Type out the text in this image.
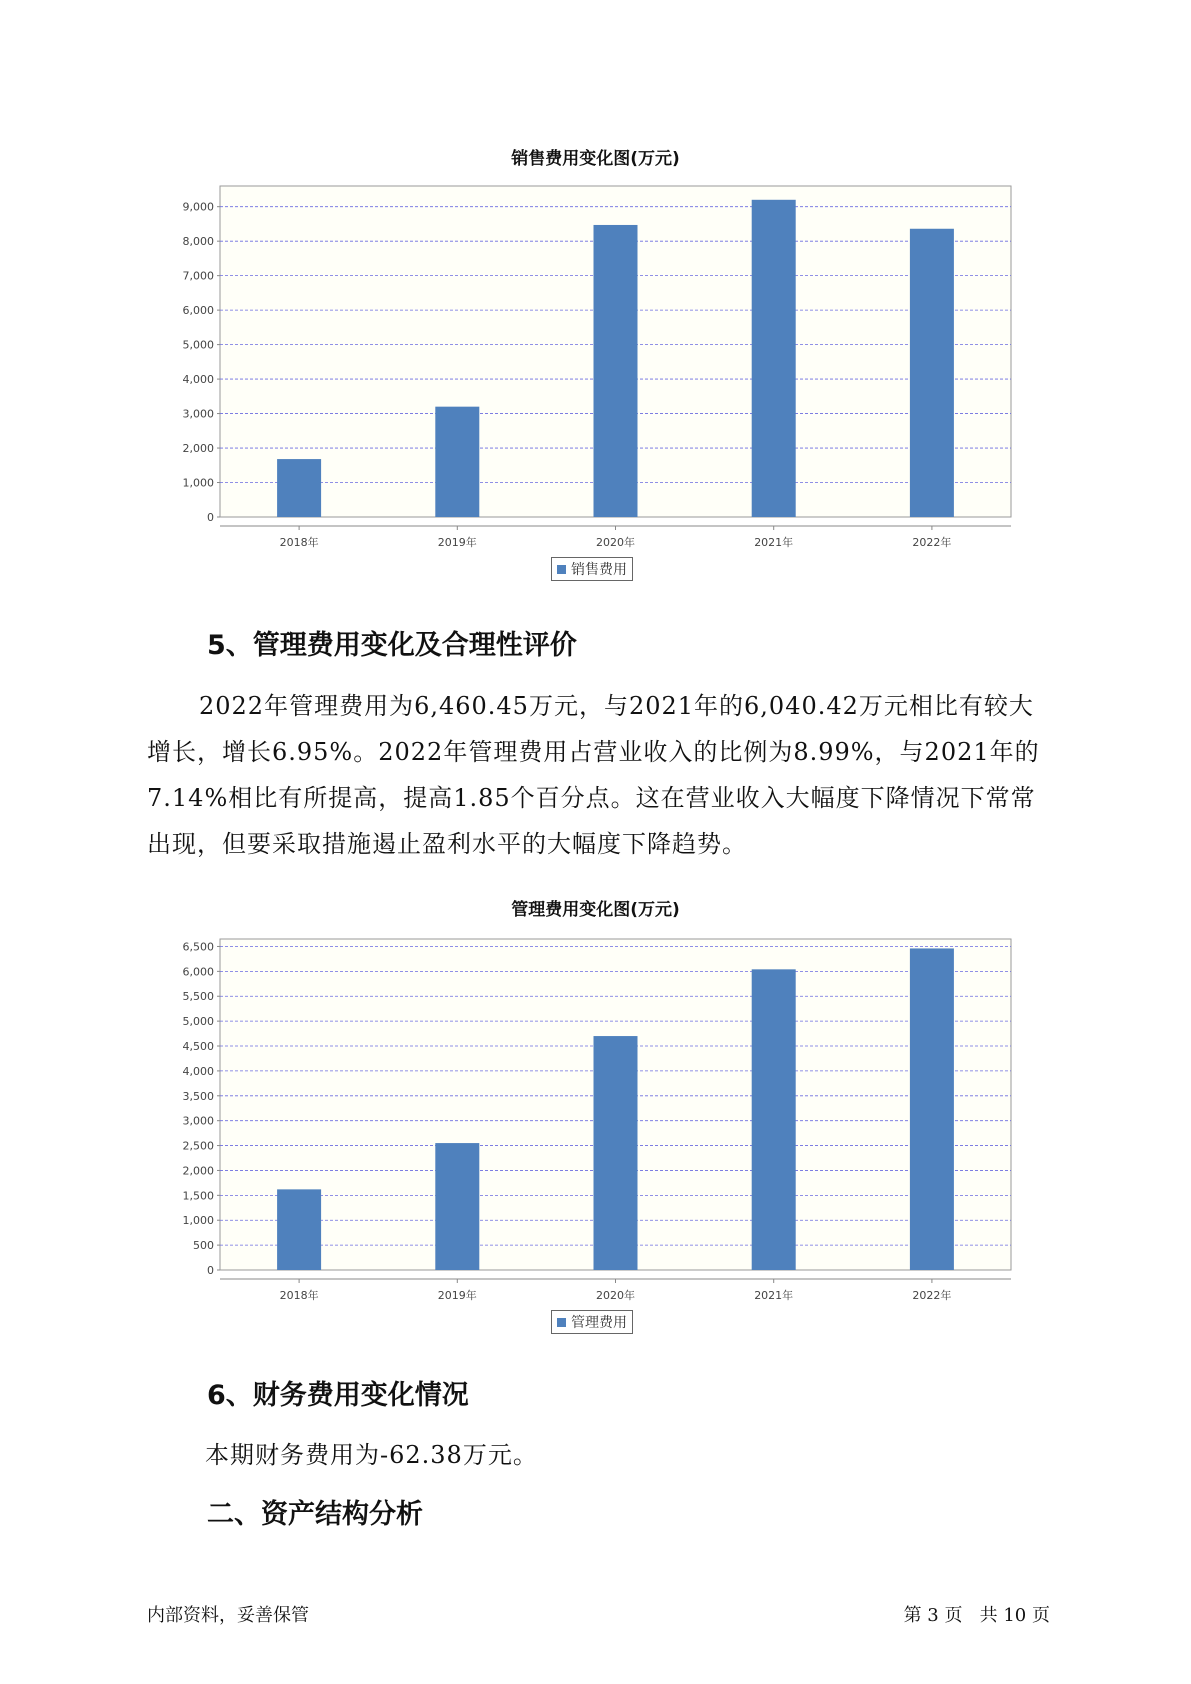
销售费用变化图(万元)
0
1,000
2,000
3,000
4,000
5,000
6,000
7,000
8,000
9,000
2018年	2019年	2020年	2021年	2022年
销售费用
5、管理费用变化及合理性评价

2022年管理费用为6,460.45万元，与2021年的6,040.42万元相比有较大增长，增长6.95%。2022年管理费用占营业收入的比例为8.99%，与2021年的7.14%相比有所提高，提高1.85个百分点。这在营业收入大幅度下降情况下常常出现，但要采取措施遏止盈利水平的大幅度下降趋势。

管理费用变化图(万元)
0
500
1,000
1,500
2,000
2,500
3,000
3,500
4,000
4,500
5,000
5,500
6,000
6,500
2018年	2019年	2020年	2021年	2022年
管理费用
6、财务费用变化情况

本期财务费用为-62.38万元。

二、资产结构分析
内部资料，妥善保管	第 3 页   共 10 页
